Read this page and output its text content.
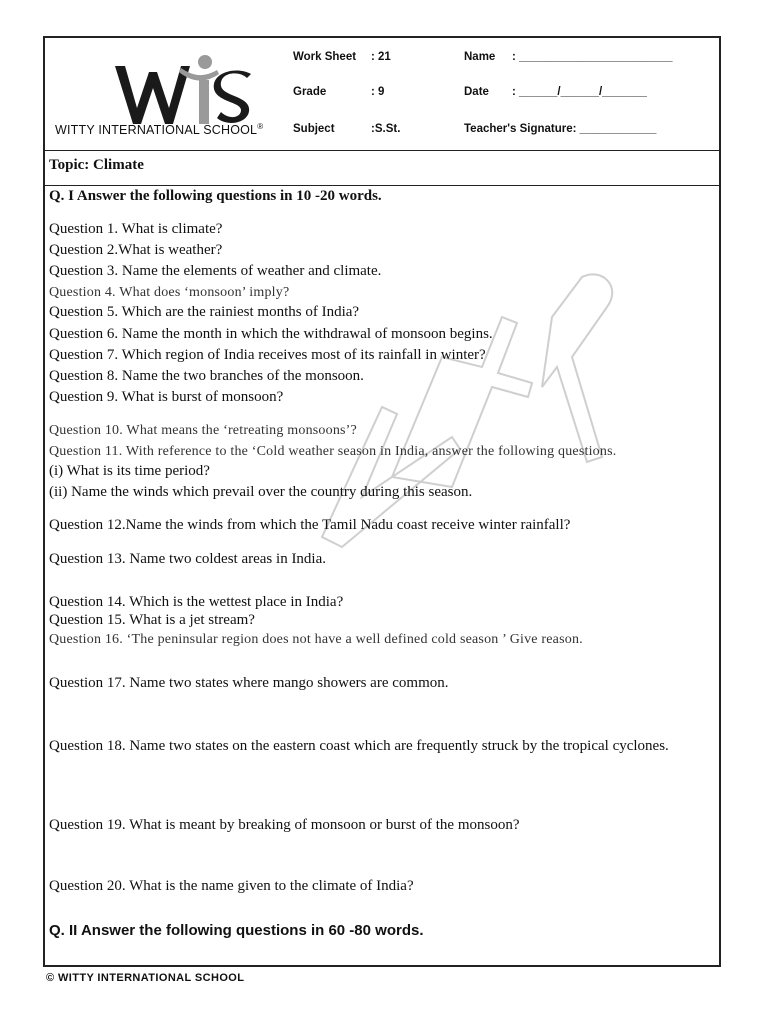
WITTY INTERNATIONAL SCHOOL®
Work Sheet : 21	Name : ________________________
Grade	: 9	Date : ______/______/_______
Subject	:S.St.	Teacher's Signature: ____________
Topic: Climate
Q. I Answer the following questions in 10 -20 words.
Question 1. What is climate?
Question 2.What is weather?
Question 3. Name the elements of weather and climate.
Question 4. What does ‘monsoon’ imply?
Question 5. Which are the rainiest months of India?
Question 6. Name the month in which the withdrawal of monsoon begins.
Question 7. Which region of India receives most of its rainfall in winter?
Question 8. Name the two branches of the monsoon.
Question 9. What is burst of monsoon?
Question 10. What means the ‘retreating monsoons’?
Question 11. With reference to the ‘Cold weather season in India, answer the following questions.
(i) What is its time period?
(ii) Name the winds which prevail over the country during this season.
Question 12.Name the winds from which the Tamil Nadu coast receive winter rainfall?
Question 13. Name two coldest areas in India.
Question 14. Which is the wettest place in India?
Question 15. What is a jet stream?
Question 16. ‘The peninsular region does not have a well defined cold season ’ Give reason.
Question 17. Name two states where mango showers are common.
Question 18. Name two states on the eastern coast which are frequently struck by the tropical cyclones.
Question 19. What is meant by breaking of monsoon or burst of the monsoon?
Question 20. What is the name given to the climate of India?
Q. II Answer the following questions in 60 -80 words.
© WITTY INTERNATIONAL SCHOOL
